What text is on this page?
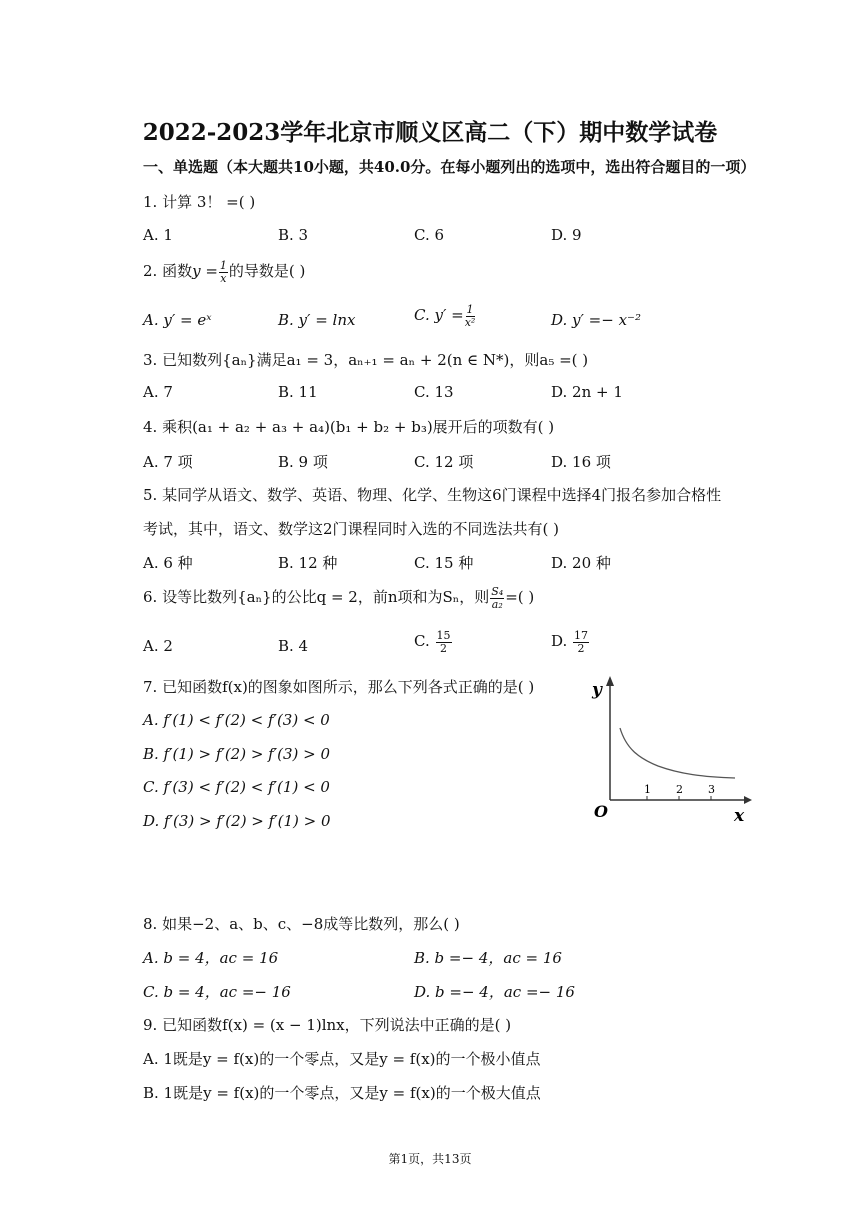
2022-2023学年北京市顺义区高二（下）期中数学试卷
一、单选题（本大题共10小题，共40.0分。在每小题列出的选项中，选出符合题目的一项）
1. 计算 3！ =( )
A. 1	B. 3	C. 6	D. 9
2. 函数$y = \frac{1}{x}$ 的导数是( )
A. y′ = eˣ	B. y′ = lnx	C. $y' = \frac{1}{\text{x²}}$	D. y′ =− x⁻²
3. 已知数列{aₙ}满足a₁ = 3，aₙ₊₁ = aₙ + 2(n ∈ N*)，则a₅ =( )
A. 7	B. 11	C. 13	D. 2n + 1
4. 乘积(a₁ + a₂ + a₃ + a₄)(b₁ + b₂ + b₃)展开后的项数有( )
A. 7 项	B. 9 项	C. 12 项	D. 16 项
5. 某同学从语文、数学、英语、物理、化学、生物这6门课程中选择4门报名参加合格性
考试，其中，语文、数学这2门课程同时入选的不同选法共有( )
A. 6 种	B. 12 种	C. 15 种	D. 20 种
6. 设等比数列{aₙ}的公比q = 2，前n项和为Sₙ，则 $\frac{\text{S₄}}{\text{a₂}}$ =( )
A. 2	B. 4	C. $\frac{15}{2}$	D. $\frac{17}{2}$
7. 已知函数f(x)的图象如图所示，那么下列各式正确的是( )
A. f′(1) < f′(2) < f′(3) < 0
B. f′(1) > f′(2) > f′(3) > 0
C. f′(3) < f′(2) < f′(1) < 0
D. f′(3) > f′(2) > f′(1) > 0
y
x
O
1 2 3
8. 如果−2、a、b、c、−8成等比数列，那么( )
A. b = 4，ac = 16	B. b =− 4，ac = 16
C. b = 4，ac =− 16	D. b =− 4，ac =− 16
9. 已知函数f(x) = (x − 1)lnx，下列说法中正确的是( )
A. 1既是y = f(x)的一个零点，又是y = f(x)的一个极小值点
B. 1既是y = f(x)的一个零点，又是y = f(x)的一个极大值点
第1页，共13页
